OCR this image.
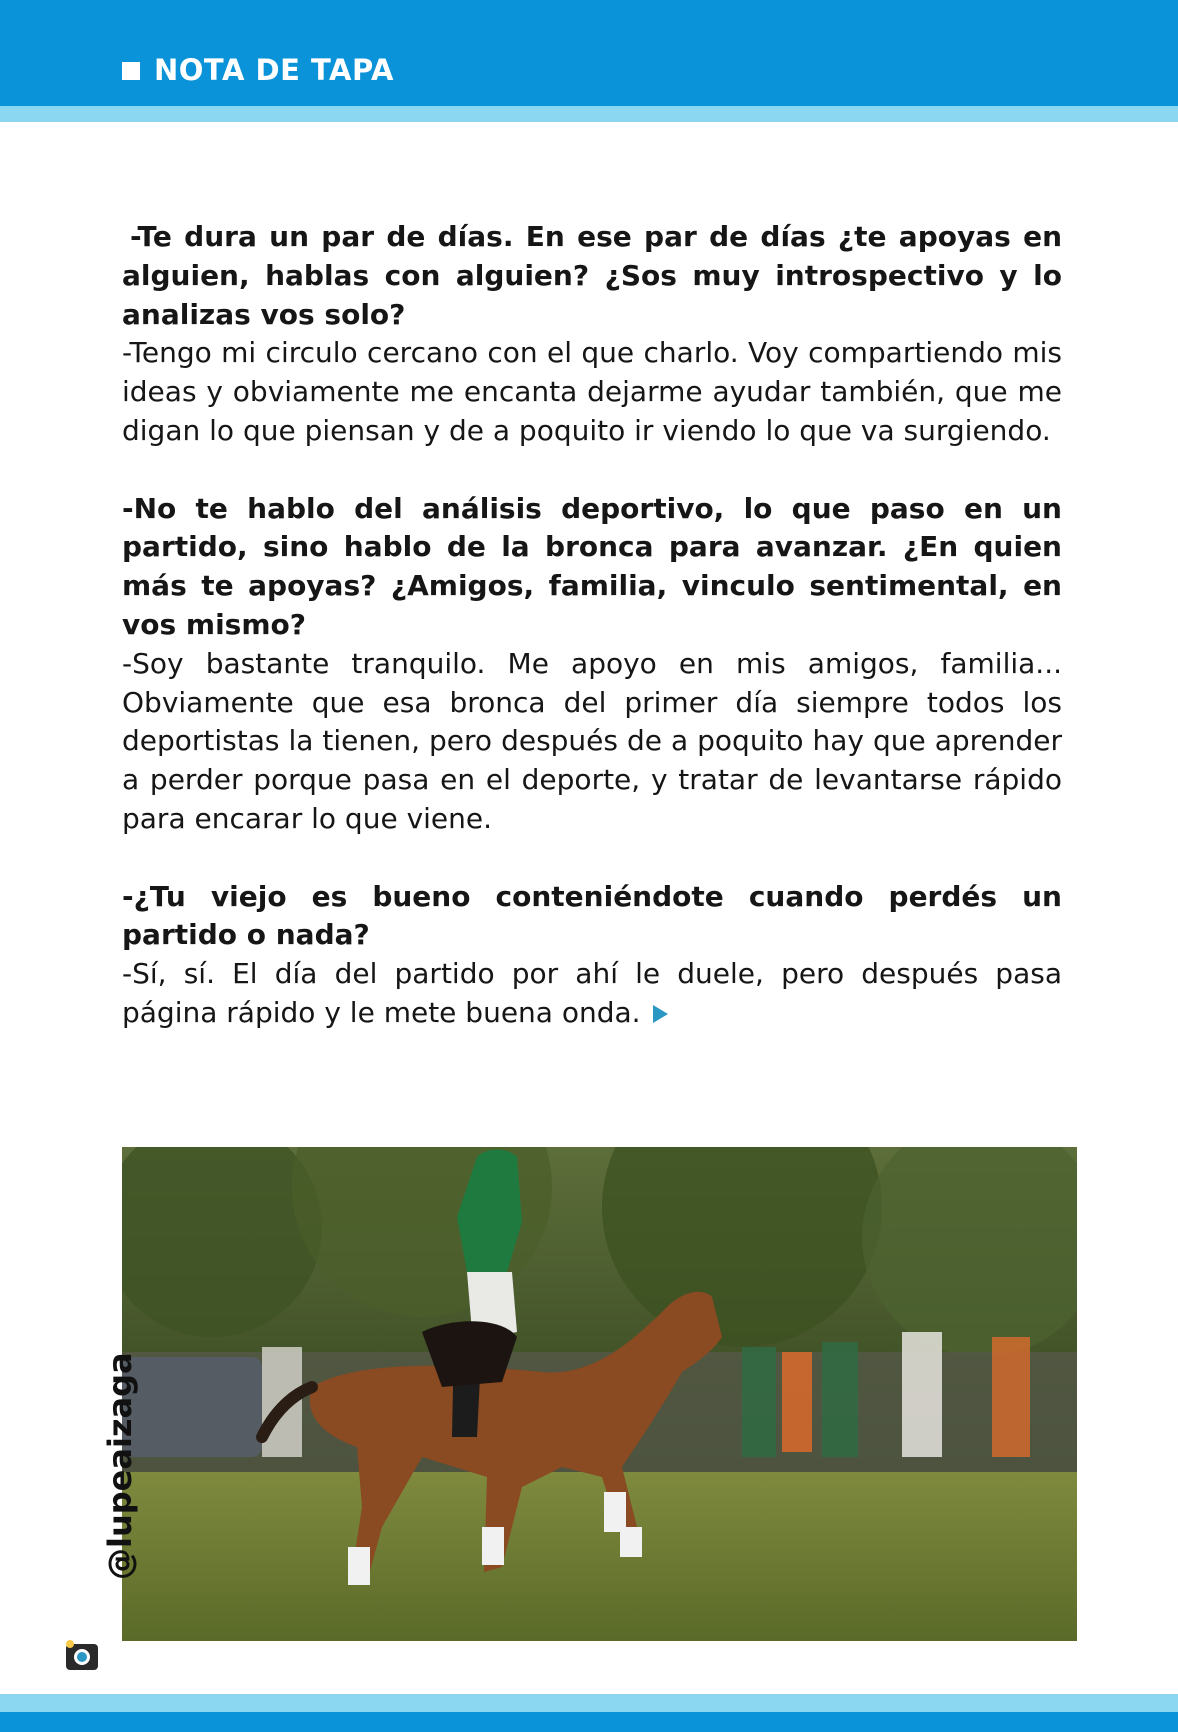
NOTA DE TAPA

-Te dura un par de días. En ese par de días ¿te apoyas en alguien, hablas con alguien? ¿Sos muy introspectivo y lo analizas vos solo?

-Tengo mi circulo cercano con el que charlo. Voy compartiendo mis ideas y obviamente me encanta dejarme ayudar también, que me digan lo que piensan y de a poquito ir viendo lo que va surgiendo.

-No te hablo del análisis deportivo, lo que paso en un partido, sino hablo de la bronca para avanzar. ¿En quien más te apoyas? ¿Amigos, familia, vinculo sentimental, en vos mismo?

-Soy bastante tranquilo. Me apoyo en mis amigos, familia... Obviamente que esa bronca del primer día siempre todos los deportistas la tienen, pero después de a poquito hay que aprender a perder porque pasa en el deporte, y tratar de levantarse rápido para encarar lo que viene.

-¿Tu viejo es bueno conteniéndote cuando perdés un partido o nada?

-Sí, sí. El día del partido por ahí le duele, pero después pasa página rápido y le mete buena onda.

@lupeaizaga
